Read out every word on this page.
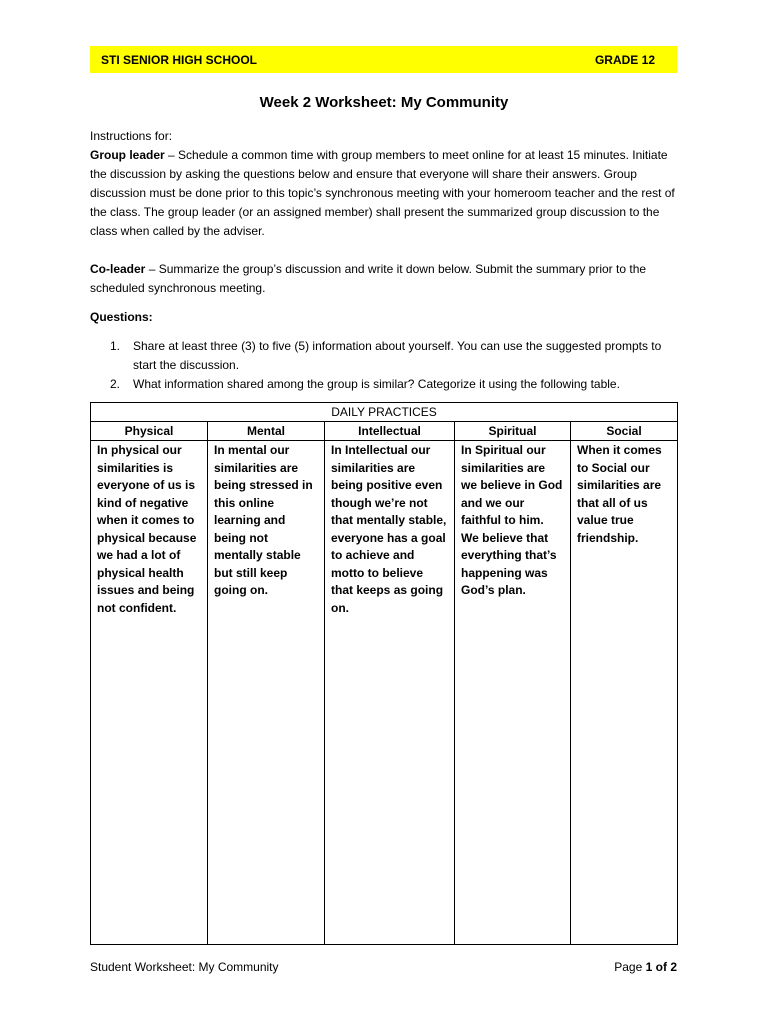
STI SENIOR HIGH SCHOOL	GRADE 12
Week 2 Worksheet: My Community

Instructions for:

Group leader – Schedule a common time with group members to meet online for at least 15 minutes. Initiate the discussion by asking the questions below and ensure that everyone will share their answers. Group discussion must be done prior to this topic’s synchronous meeting with your homeroom teacher and the rest of the class. The group leader (or an assigned member) shall present the summarized group discussion to the class when called by the adviser.

Co-leader – Summarize the group’s discussion and write it down below. Submit the summary prior to the scheduled synchronous meeting.

Questions:

1.	Share at least three (3) to five (5) information about yourself. You can use the suggested prompts to start the discussion.
2.	What information shared among the group is similar? Categorize it using the following table.
DAILY PRACTICES				
Physical	Mental	Intellectual	Spiritual	Social
In physical our similarities is everyone of us is kind of negative when it comes to physical because we had a lot of physical health issues and being not confident.	In mental our similarities are being stressed in this online learning and being not mentally stable but still keep going on.	In Intellectual our similarities are being positive even though we’re not that mentally stable, everyone has a goal to achieve and motto to believe that keeps as going on.	In Spiritual our similarities are we believe in God and we our faithful to him. We believe that everything that’s happening was God’s plan.	When it comes to Social our similarities are that all of us value true friendship.
Student Worksheet: My Community	Page 1 of 2
